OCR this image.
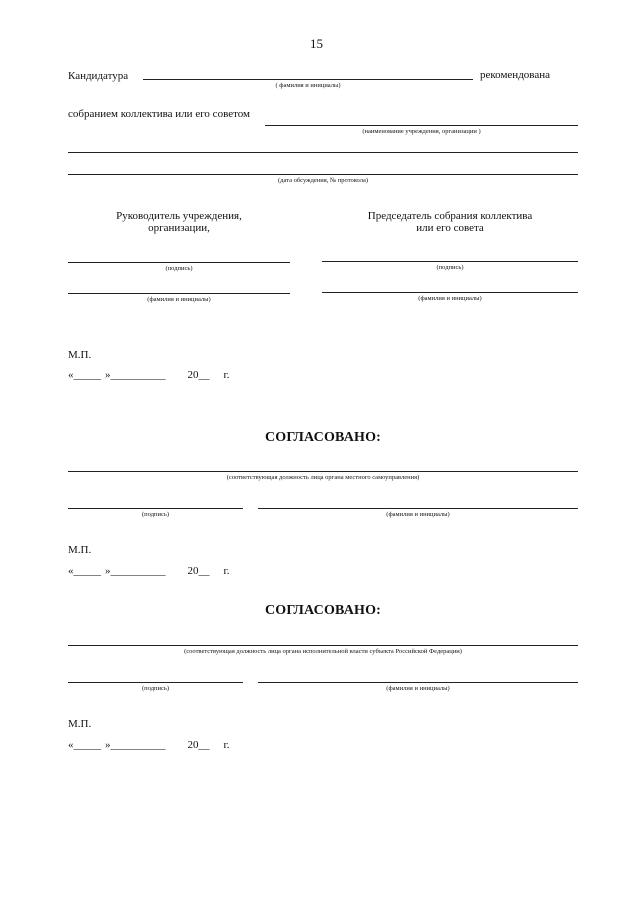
15
Кандидатура	рекомендована
( фамилия и инициалы)
собранием коллектива или его советом
(наименование учреждения, организации )
(дата обсуждения, № протокола)
Руководитель учреждения,
организации,
Председатель собрания коллектива
или его совета
(подпись)	(подпись)
(фамилия и инициалы)	(фамилия и инициалы)
М.П.
«_____ »__________ 20__ г.
СОГЛАСОВАНО:
(соответствующая должность лица органа местного самоуправления)
(подпись)	(фамилия и инициалы)
М.П.
«_____ »__________ 20__ г.
СОГЛАСОВАНО:
(соответствующая должность лица органа исполнительной власти субъекта Российской Федерации)
(подпись)	(фамилия и инициалы)
М.П.
«_____ »__________ 20__ г.
